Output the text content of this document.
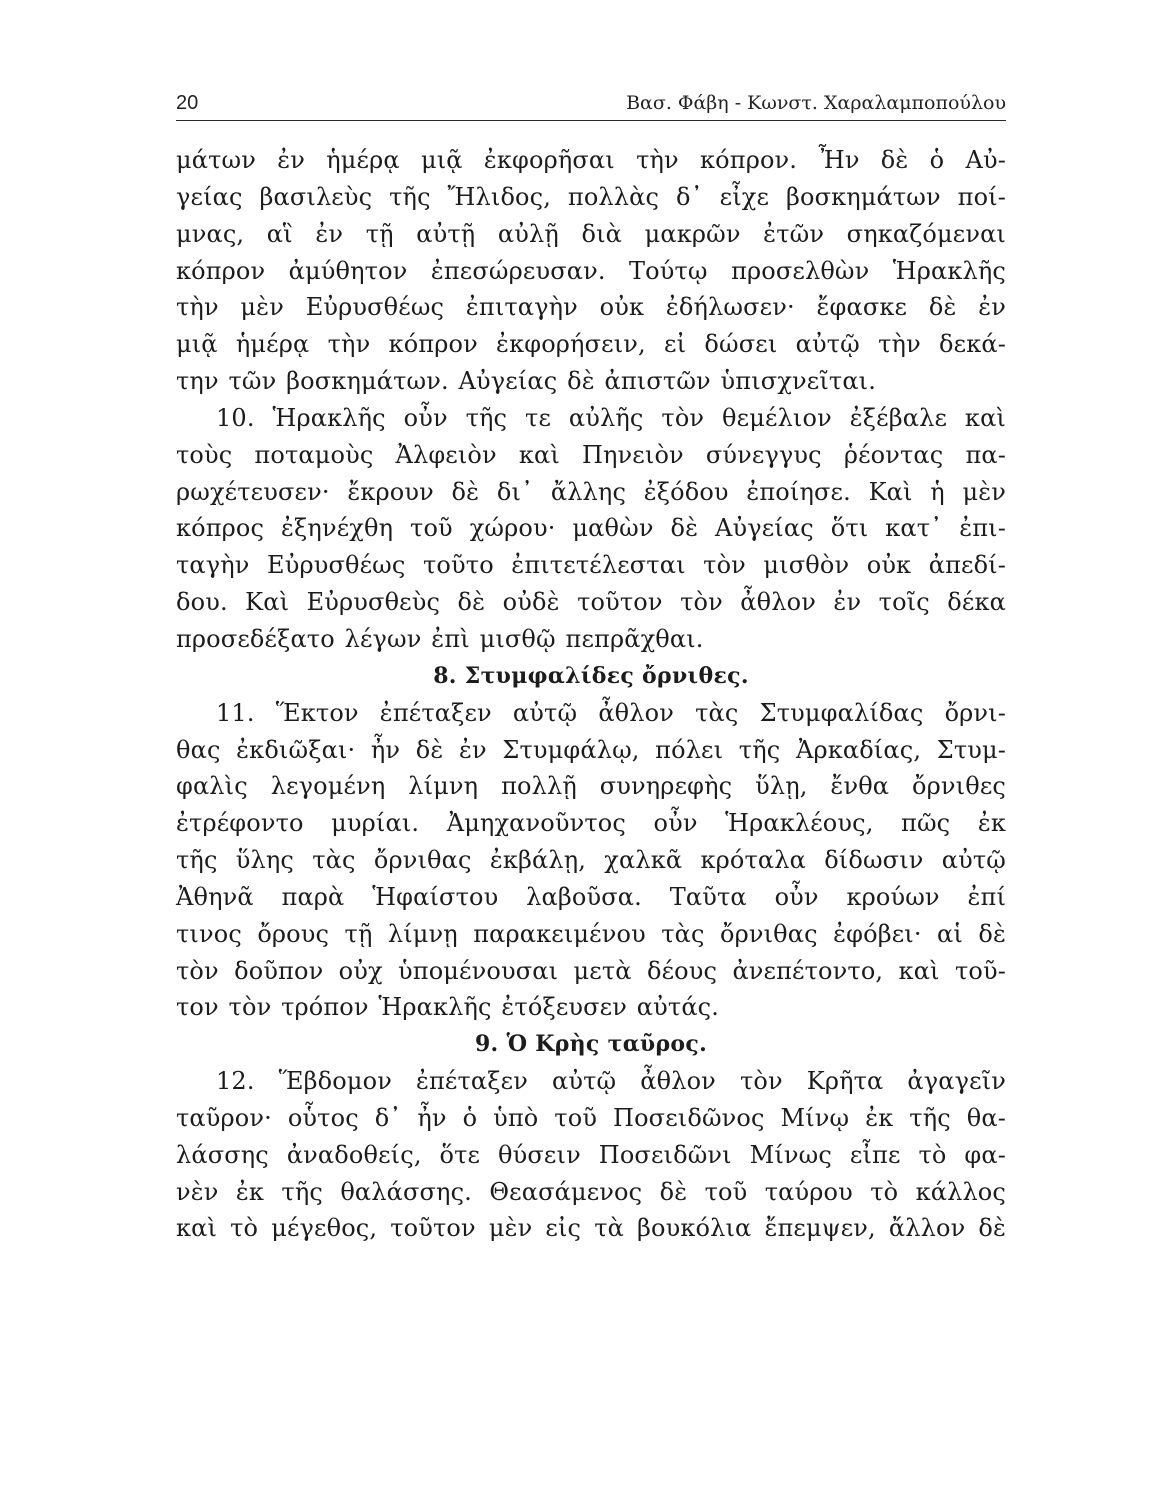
20	Βασ. Φάβη - Κωνστ. Χαραλαμποπούλου
μάτων ἐν ἡμέρᾳ μιᾷ ἐκφορῆσαι τὴν κόπρον. Ἦν δὲ ὁ Αὐ-
γείας βασιλεὺς τῆς Ἤλιδος, πολλὰς δ᾽ εἶχε βοσκημάτων ποί-
μνας, αἳ ἐν τῇ αὐτῇ αὐλῇ διὰ μακρῶν ἐτῶν σηκαζόμεναι
κόπρον ἀμύθητον ἐπεσώρευσαν. Τούτῳ προσελθὼν Ἡρακλῆς
τὴν μὲν Εὐρυσθέως ἐπιταγὴν οὐκ ἐδήλωσεν· ἔφασκε δὲ ἐν
μιᾷ ἡμέρᾳ τὴν κόπρον ἐκφορήσειν, εἰ δώσει αὐτῷ τὴν δεκά-
την τῶν βοσκημάτων. Αὐγείας δὲ ἀπιστῶν ὑπισχνεῖται.
10. Ἡρακλῆς οὖν τῆς τε αὐλῆς τὸν θεμέλιον ἐξέβαλε καὶ
τοὺς ποταμοὺς Ἀλφειὸν καὶ Πηνειὸν σύνεγγυς ῥέοντας πα-
ρωχέτευσεν· ἔκρουν δὲ δι᾽ ἄλλης ἐξόδου ἐποίησε. Καὶ ἡ μὲν
κόπρος ἐξηνέχθη τοῦ χώρου· μαθὼν δὲ Αὐγείας ὅτι κατ᾽ ἐπι-
ταγὴν Εὐρυσθέως τοῦτο ἐπιτετέλεσται τὸν μισθὸν οὐκ ἀπεδί-
δου. Καὶ Εὐρυσθεὺς δὲ οὐδὲ τοῦτον τὸν ἆθλον ἐν τοῖς δέκα
προσεδέξατο λέγων ἐπὶ μισθῷ πεπρᾶχθαι.
8. Στυμφαλίδες ὄρνιθες.
11. Ἕκτον ἐπέταξεν αὐτῷ ἆθλον τὰς Στυμφαλίδας ὄρνι-
θας ἐκδιῶξαι· ἦν δὲ ἐν Στυμφάλῳ, πόλει τῆς Ἀρκαδίας, Στυμ-
φαλὶς λεγομένη λίμνη πολλῇ συνηρεφὴς ὕλῃ, ἔνθα ὄρνιθες
ἐτρέφοντο μυρίαι. Ἀμηχανοῦντος οὖν Ἡρακλέους, πῶς ἐκ
τῆς ὕλης τὰς ὄρνιθας ἐκβάλῃ, χαλκᾶ κρόταλα δίδωσιν αὐτῷ
Ἀθηνᾶ παρὰ Ἡφαίστου λαβοῦσα. Ταῦτα οὖν κρούων ἐπί
τινος ὄρους τῇ λίμνῃ παρακειμένου τὰς ὄρνιθας ἐφόβει· αἱ δὲ
τὸν δοῦπον οὐχ ὑπομένουσαι μετὰ δέους ἀνεπέτοντο, καὶ τοῦ-
τον τὸν τρόπον Ἡρακλῆς ἐτόξευσεν αὐτάς.
9. Ὁ Κρὴς ταῦρος.
12. Ἕβδομον ἐπέταξεν αὐτῷ ἆθλον τὸν Κρῆτα ἀγαγεῖν
ταῦρον· οὗτος δ᾽ ἦν ὁ ὑπὸ τοῦ Ποσειδῶνος Μίνῳ ἐκ τῆς θα-
λάσσης ἀναδοθείς, ὅτε θύσειν Ποσειδῶνι Μίνως εἶπε τὸ φα-
νὲν ἐκ τῆς θαλάσσης. Θεασάμενος δὲ τοῦ ταύρου τὸ κάλλος
καὶ τὸ μέγεθος, τοῦτον μὲν εἰς τὰ βουκόλια ἔπεμψεν, ἄλλον δὲ
